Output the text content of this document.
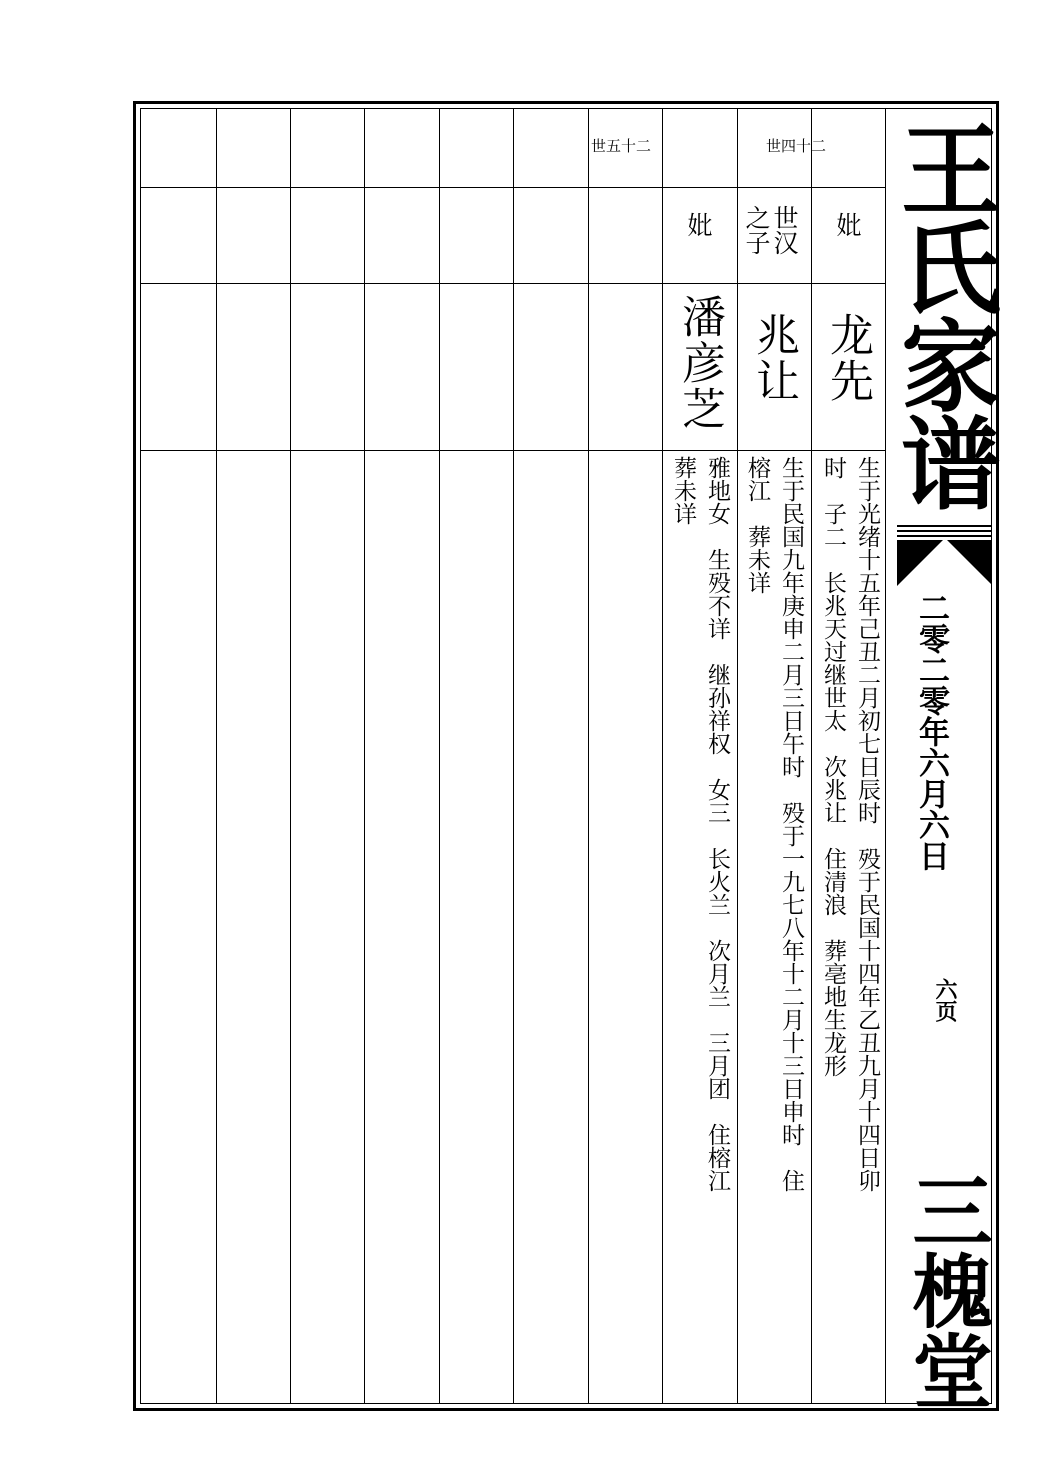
王氏家谱
二零二零年六月六日
六页
三槐堂
妣
龙先
生于光绪十五年己丑二月初七日辰时　殁于民国十四年乙丑九月十四日卯
时　子二　长兆天过继世太　次兆让　住清浪　葬亳地生龙形
二十四世
世汉
之子
兆让
生于民国九年庚申二月三日午时　殁于一九七八年十二月十三日申时　住
榕江　葬未详
妣
潘彦芝
雅地女　生殁不详　继孙祥权　女三　长火兰　次月兰　三月团　住榕江
葬未详
二十五世
